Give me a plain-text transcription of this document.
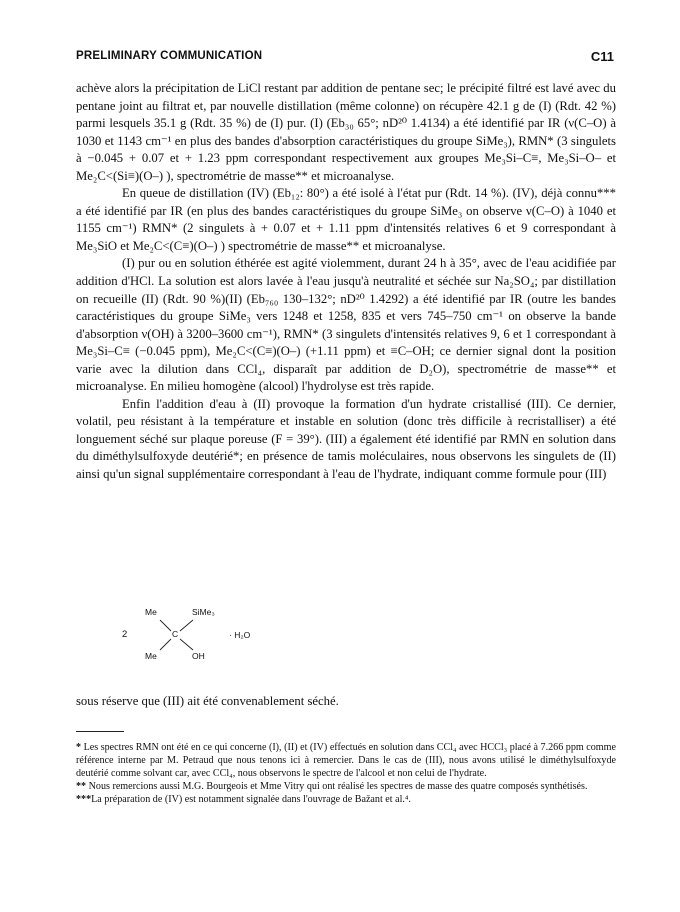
PRELIMINARY COMMUNICATION	C11

achève alors la précipitation de LiCl restant par addition de pentane sec; le précipité filtré est lavé avec du pentane joint au filtrat et, par nouvelle distillation (même colonne) on récupère 42.1 g de (I) (Rdt. 42 %) parmi lesquels 35.1 g (Rdt. 35 %) de (I) pur. (I) (Eb₃₀ 65°; nD²⁰ 1.4134) a été identifié par IR (ν(C–O) à 1030 et 1143 cm⁻¹ en plus des bandes d'absorption caractéristiques du groupe SiMe₃), RMN* (3 singulets à −0.045 + 0.07 et + 1.23 ppm correspondant respectivement aux groupes Me₃Si–C≡, Me₃Si–O– et Me₂C<(Si≡)(O–) ), spectrométrie de masse** et microanalyse.

En queue de distillation (IV) (Eb₁₂: 80°) a été isolé à l'état pur (Rdt. 14 %). (IV), déjà connu*** a été identifié par IR (en plus des bandes caractéristiques du groupe SiMe₃ on observe ν(C–O) à 1040 et 1155 cm⁻¹) RMN* (2 singulets à + 0.07 et + 1.11 ppm d'intensités relatives 6 et 9 correspondant à Me₃SiO et Me₂C<(C≡)(O–) ) spectrométrie de masse** et microanalyse.

(I) pur ou en solution éthérée est agité violemment, durant 24 h à 35°, avec de l'eau acidifiée par addition d'HCl. La solution est alors lavée à l'eau jusqu'à neutralité et séchée sur Na₂SO₄; par distillation on recueille (II) (Rdt. 90 %)(II) (Eb₇₆₀ 130–132°; nD²⁰ 1.4292) a été identifié par IR (outre les bandes caractéristiques du groupe SiMe₃ vers 1248 et 1258, 835 et vers 745–750 cm⁻¹ on observe la bande d'absorption ν(OH) à 3200–3600 cm⁻¹), RMN* (3 singulets d'intensités relatives 9, 6 et 1 correspondant à Me₃Si–C≡ (−0.045 ppm), Me₂C<(C≡)(O–) (+1.11 ppm) et ≡C–OH; ce dernier signal dont la position varie avec la dilution dans CCl₄, disparaît par addition de D₂O), spectrométrie de masse** et microanalyse. En milieu homogène (alcool) l'hydrolyse est très rapide.

Enfin l'addition d'eau à (II) provoque la formation d'un hydrate cristallisé (III). Ce dernier, volatil, peu résistant à la température et instable en solution (donc très difficile à recristalliser) a été longuement séché sur plaque poreuse (F = 39°). (III) a également été identifié par RMN en solution dans du diméthylsulfoxyde deutérié*; en présence de tamis moléculaires, nous observons les singulets de (II) ainsi qu'un signal supplémentaire correspondant à l'eau de l'hydrate, indiquant comme formule pour (III)

Me	SiMe₃
2	C	· H₂O
Me	OH
sous réserve que (III) ait été convenablement séché.

* Les spectres RMN ont été en ce qui concerne (I), (II) et (IV) effectués en solution dans CCl₄ avec HCCl₃ placé à 7.266 ppm comme référence interne par M. Petraud que nous tenons ici à remercier. Dans le cas de (III), nous avons utilisé le diméthylsulfoxyde deutérié comme solvant car, avec CCl₄, nous observons le spectre de l'alcool et non celui de l'hydrate.

** Nous remercions aussi M.G. Bourgeois et Mme Vitry qui ont réalisé les spectres de masse des quatre composés synthétisés.

***La préparation de (IV) est notamment signalée dans l'ouvrage de Bažant et al.⁴.
